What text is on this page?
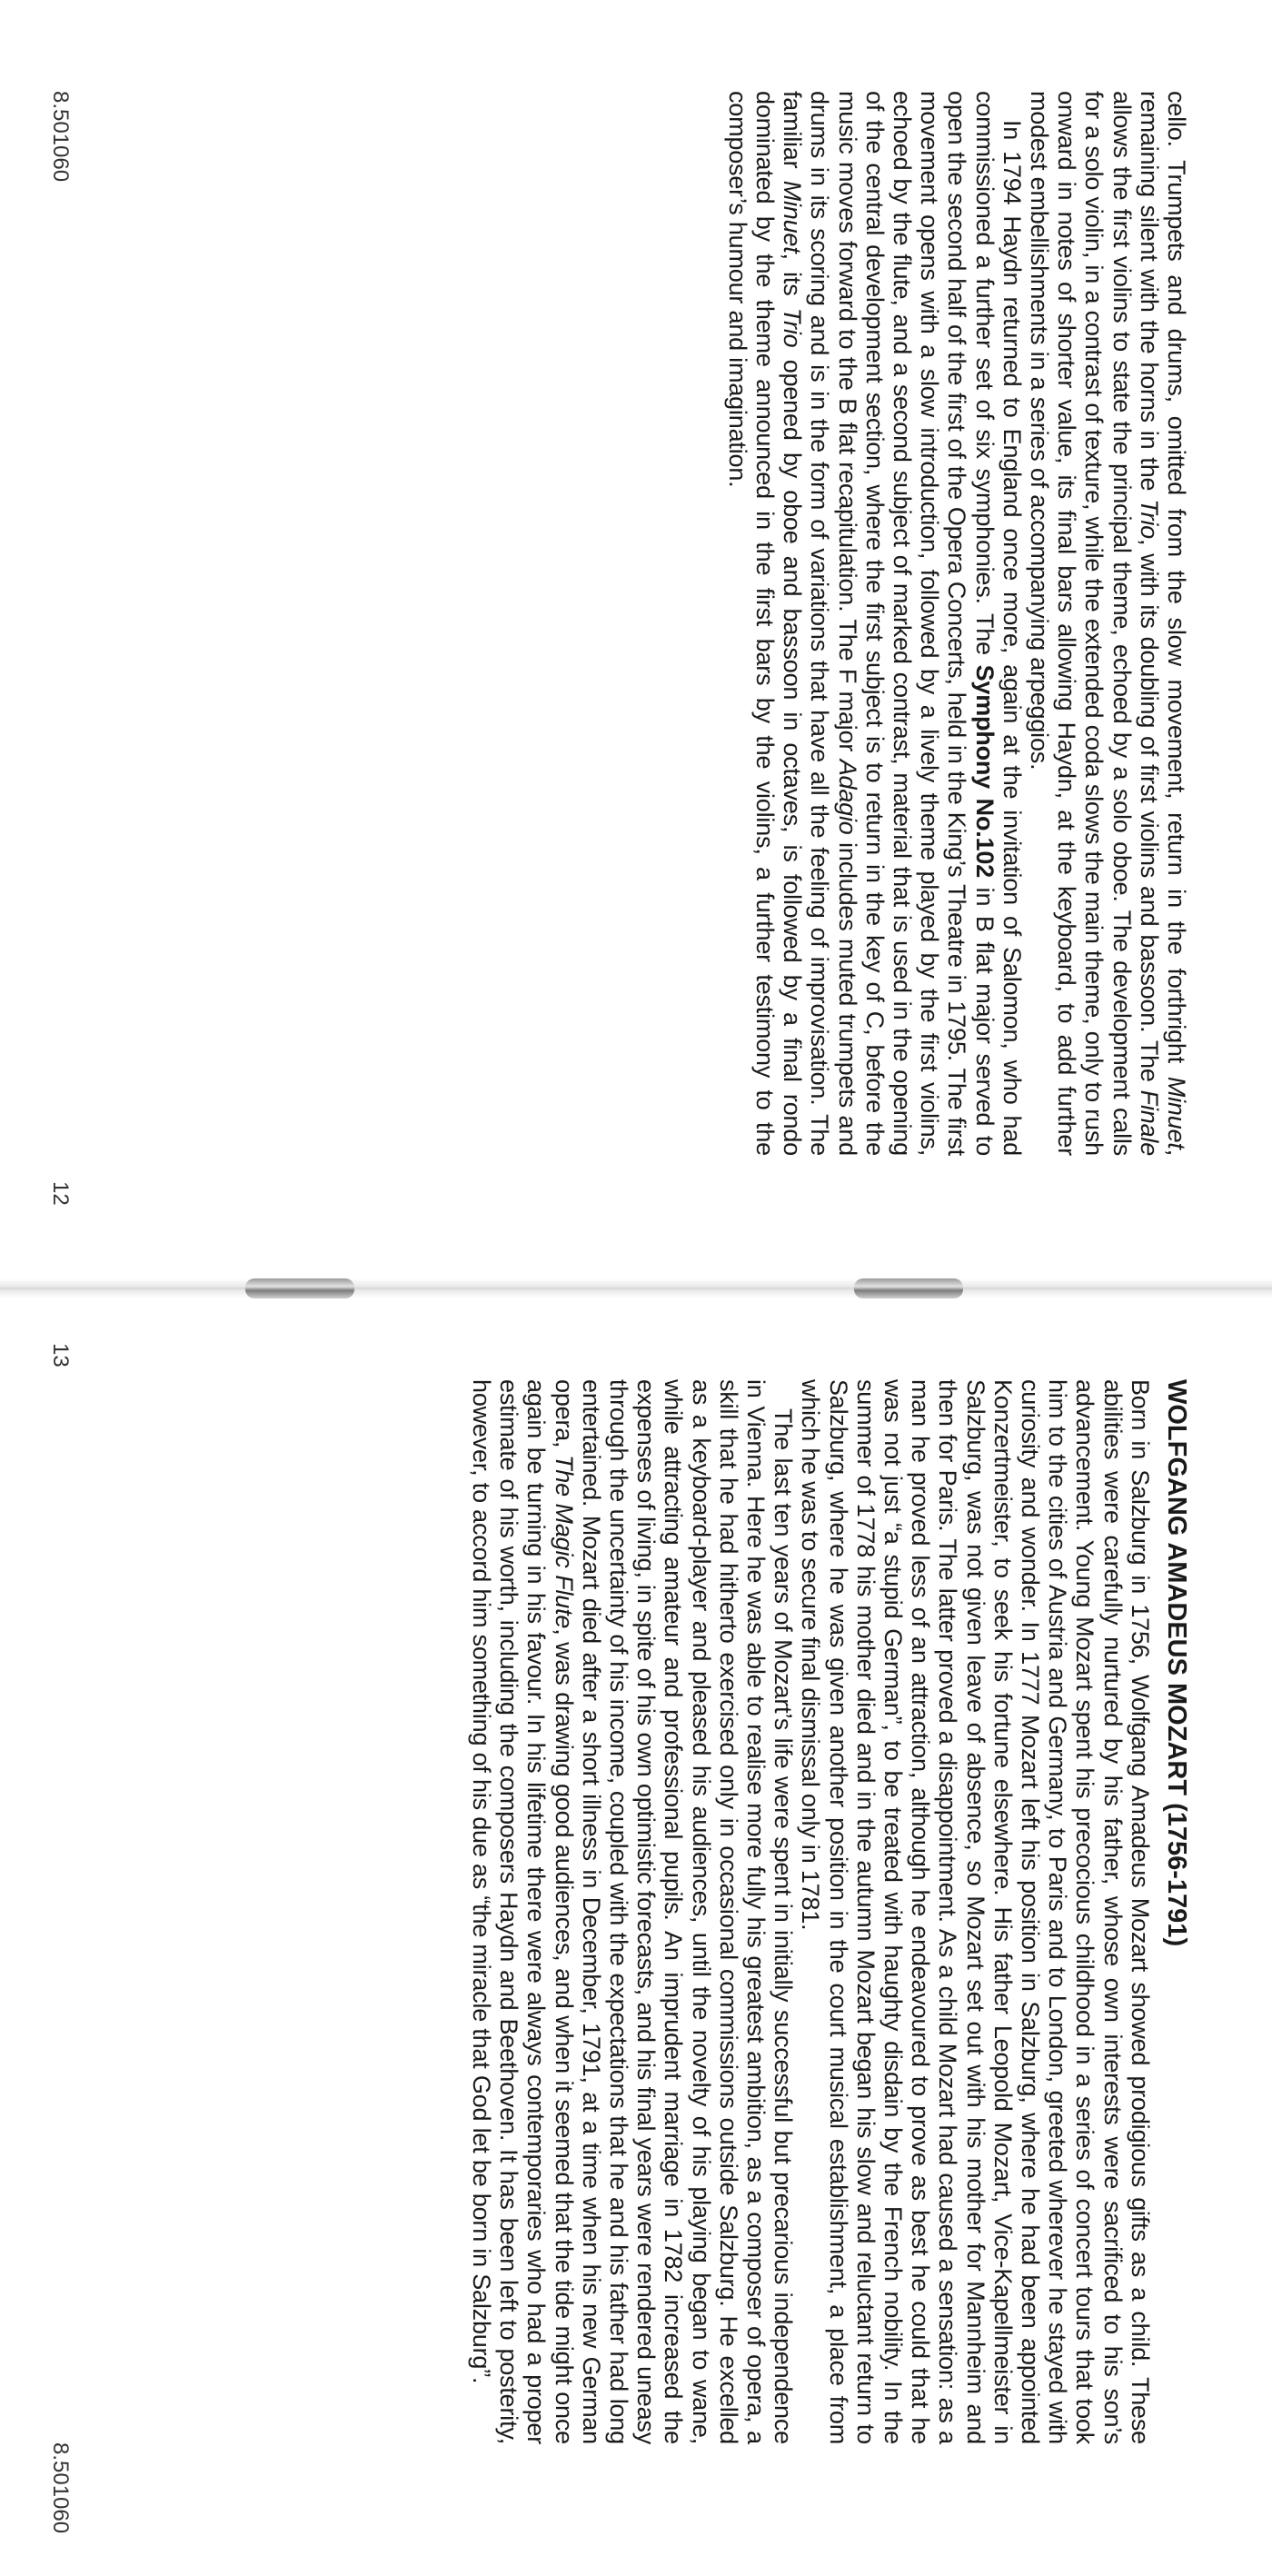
cello. Trumpets and drums, omitted from the slow movement, return in the forthright Minuet, remaining silent with the horns in the Trio, with its doubling of first violins and bassoon. The Finale allows the first violins to state the principal theme, echoed by a solo oboe. The development calls for a solo violin, in a contrast of texture, while the extended coda slows the main theme, only to rush onward in notes of shorter value, its final bars allowing Haydn, at the keyboard, to add further modest embellishments in a series of accompanying arpeggios.

In 1794 Haydn returned to England once more, again at the invitation of Salomon, who had commissioned a further set of six symphonies. The Symphony No.102 in B flat major served to open the second half of the first of the Opera Concerts, held in the King’s Theatre in 1795. The first movement opens with a slow introduction, followed by a lively theme played by the first violins, echoed by the flute, and a second subject of marked contrast, material that is used in the opening of the central development section, where the first subject is to return in the key of C, before the music moves forward to the B flat recapitulation. The F major Adagio includes muted trumpets and drums in its scoring and is in the form of variations that have all the feeling of improvisation. The familiar Minuet, its Trio opened by oboe and bassoon in octaves, is followed by a final rondo dominated by the theme announced in the first bars by the violins, a further testimony to the composer’s humour and imagination.

8.501060
12
WOLFGANG AMADEUS MOZART (1756-1791)

Born in Salzburg in 1756, Wolfgang Amadeus Mozart showed prodigious gifts as a child. These abilities were carefully nurtured by his father, whose own interests were sacrificed to his son’s advancement. Young Mozart spent his precocious childhood in a series of concert tours that took him to the cities of Austria and Germany, to Paris and to London, greeted wherever he stayed with curiosity and wonder. In 1777 Mozart left his position in Salzburg, where he had been appointed Konzertmeister, to seek his fortune elsewhere. His father Leopold Mozart, Vice-Kapellmeister in Salzburg, was not given leave of absence, so Mozart set out with his mother for Mannheim and then for Paris. The latter proved a disappointment. As a child Mozart had caused a sensation: as a man he proved less of an attraction, although he endeavoured to prove as best he could that he was not just “a stupid German”, to be treated with haughty disdain by the French nobility. In the summer of 1778 his mother died and in the autumn Mozart began his slow and reluctant return to Salzburg, where he was given another position in the court musical establishment, a place from which he was to secure final dismissal only in 1781.

The last ten years of Mozart’s life were spent in initially successful but precarious independence in Vienna. Here he was able to realise more fully his greatest ambition, as a composer of opera, a skill that he had hitherto exercised only in occasional commissions outside Salzburg. He excelled as a keyboard-player and pleased his audiences, until the novelty of his playing began to wane, while attracting amateur and professional pupils. An imprudent marriage in 1782 increased the expenses of living, in spite of his own optimistic forecasts, and his final years were rendered uneasy through the uncertainty of his income, coupled with the expectations that he and his father had long entertained. Mozart died after a short illness in December, 1791, at a time when his new German opera, The Magic Flute, was drawing good audiences, and when it seemed that the tide might once again be turning in his favour. In his lifetime there were always contemporaries who had a proper estimate of his worth, including the composers Haydn and Beethoven. It has been left to posterity, however, to accord him something of his due as “the miracle that God let be born in Salzburg”.

13
8.501060
